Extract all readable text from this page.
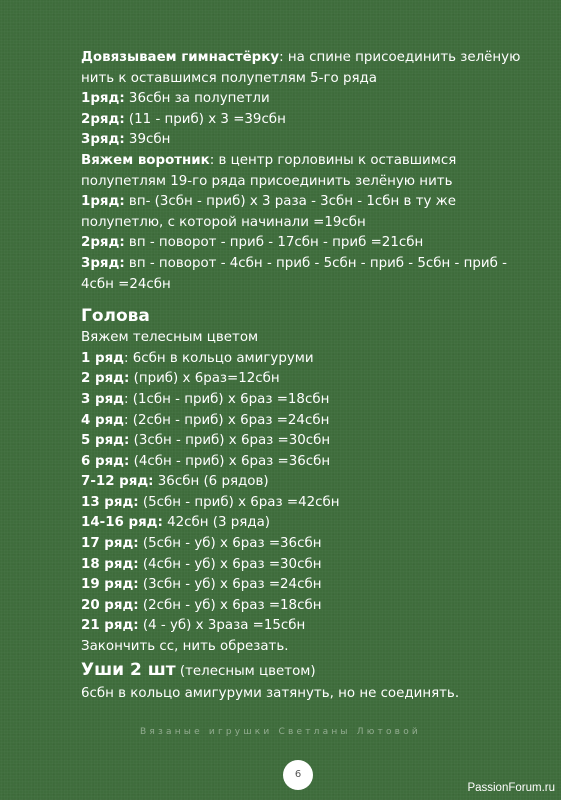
Довязываем гимнастёрку: на спине присоединить зелёную нить к оставшимся полупетлям 5-го ряда

1ряд: 36сбн за полупетли

2ряд: (11 - приб) х 3 =39сбн

3ряд: 39сбн

Вяжем воротник: в центр горловины к оставшимся полупетлям 19-го ряда присоединить зелёную нить

1ряд: вп- (3сбн - приб) х 3 раза - 3сбн - 1сбн в ту же полупетлю, с которой начинали =19сбн

2ряд: вп - поворот - приб - 17сбн - приб =21сбн

3ряд: вп - поворот - 4сбн - приб - 5сбн - приб - 5сбн - приб - 4сбн =24сбн

Голова

Вяжем телесным цветом

1 ряд: 6сбн в кольцо амигуруми

2 ряд: (приб) х 6раз=12сбн

3 ряд: (1сбн - приб) х 6раз =18сбн

4 ряд: (2сбн - приб) х 6раз =24сбн

5 ряд: (3сбн - приб) х 6раз =30сбн

6 ряд: (4сбн - приб) х 6раз =36сбн

7-12 ряд: 36сбн (6 рядов)

13 ряд: (5сбн - приб) х 6раз =42сбн

14-16 ряд: 42сбн (3 ряда)

17 ряд: (5сбн - уб) х 6раз =36сбн

18 ряд: (4сбн - уб) х 6раз =30сбн

19 ряд: (3сбн - уб) х 6раз =24сбн

20 ряд: (2сбн - уб) х 6раз =18сбн

21 ряд: (4 - уб) х 3раза =15сбн

Закончить сс, нить обрезать.

Уши 2 шт (телесным цветом)

6сбн в кольцо амигуруми затянуть, но не соединять.

Вязаные игрушки Светланы Лютовой
6
PassionForum.ru
